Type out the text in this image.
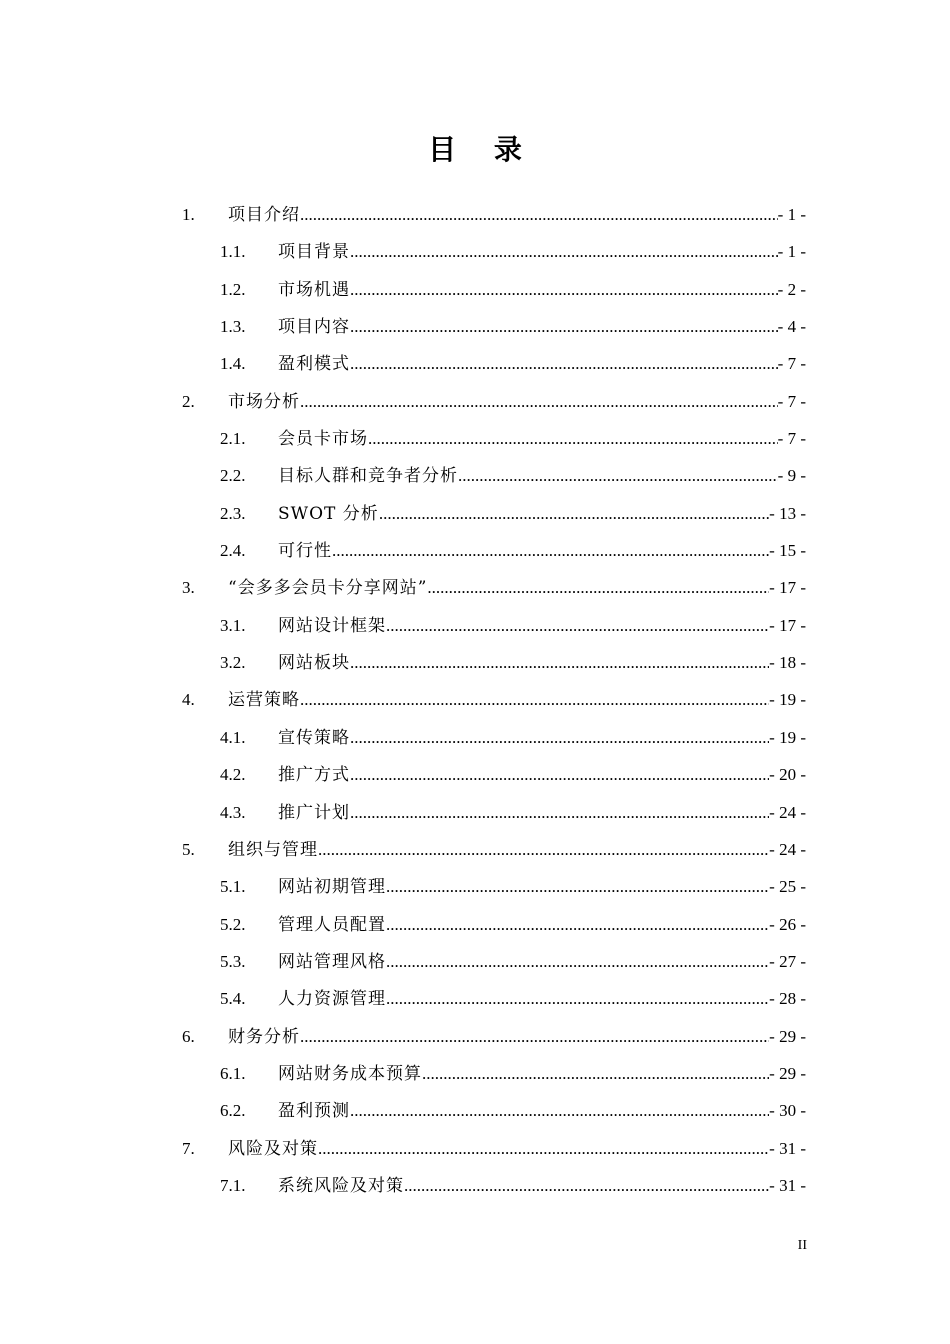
目 录
1. 项目介绍 .....	- 1 -
1.1. 项目背景 .....	- 1 -
1.2. 市场机遇 .....	- 2 -
1.3. 项目内容 .....	- 4 -
1.4. 盈利模式 .....	- 7 -
2. 市场分析 .....	- 7 -
2.1. 会员卡市场 .....	- 7 -
2.2. 目标人群和竞争者分析 .....	- 9 -
2.3. SWOT 分析 .....	- 13 -
2.4. 可行性 .....	- 15 -
3. “会多多会员卡分享网站” .....	- 17 -
3.1. 网站设计框架 .....	- 17 -
3.2. 网站板块 .....	- 18 -
4. 运营策略 .....	- 19 -
4.1. 宣传策略 .....	- 19 -
4.2. 推广方式 .....	- 20 -
4.3. 推广计划 .....	- 24 -
5. 组织与管理 .....	- 24 -
5.1. 网站初期管理 .....	- 25 -
5.2. 管理人员配置 .....	- 26 -
5.3. 网站管理风格 .....	- 27 -
5.4. 人力资源管理 .....	- 28 -
6. 财务分析 .....	- 29 -
6.1. 网站财务成本预算 .....	- 29 -
6.2. 盈利预测 .....	- 30 -
7. 风险及对策 .....	- 31 -
7.1. 系统风险及对策 .....	- 31 -
II
